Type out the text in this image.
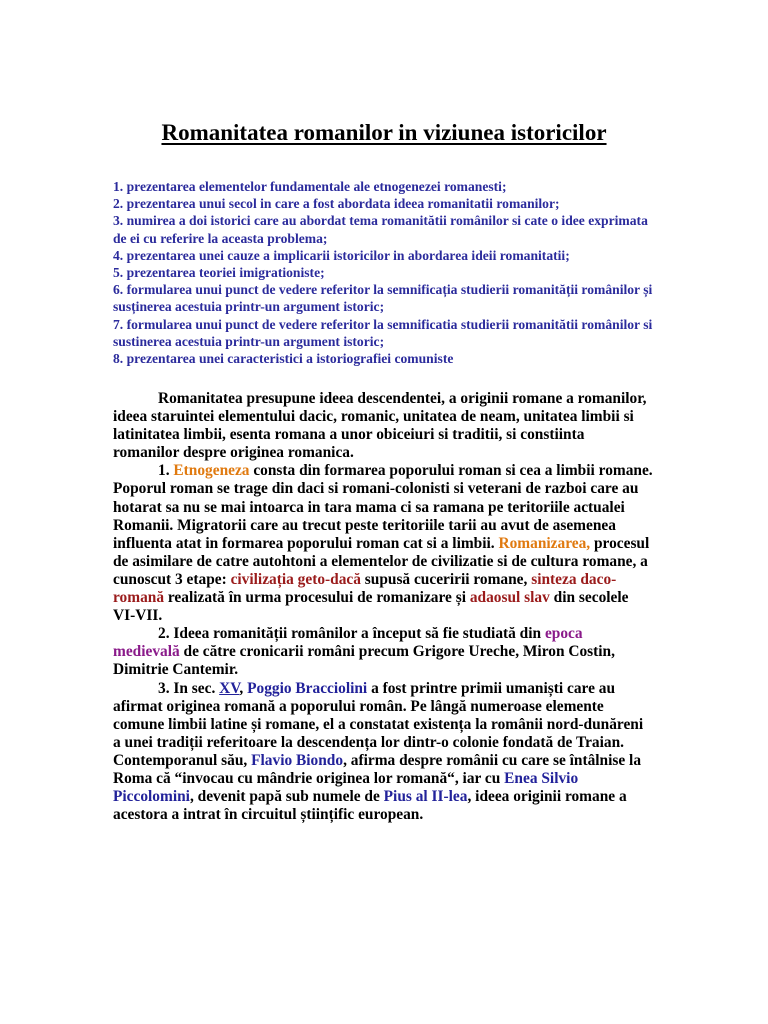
Romanitatea romanilor in viziunea istoricilor
1. prezentarea elementelor fundamentale ale etnogenezei romanesti;
2. prezentarea unui secol in care a fost abordata ideea romanitatii romanilor;
3. numirea a doi istorici care au abordat tema romanitătii românilor si cate o idee exprimata de ei cu referire la aceasta problema;
4. prezentarea unei cauze a implicarii istoricilor in abordarea ideii romanitatii;
5. prezentarea teoriei imigrationiste;
6. formularea unui punct de vedere referitor la semnificația studierii romanității românilor și susținerea acestuia printr-un argument istoric;
7. formularea unui punct de vedere referitor la semnificatia studierii romanitătii românilor si sustinerea acestuia printr-un argument istoric;
8. prezentarea unei caracteristici a istoriografiei comuniste

Romanitatea presupune ideea descendentei, a originii romane a romanilor, ideea staruintei elementului dacic, romanic, unitatea de neam, unitatea limbii si latinitatea limbii, esenta romana a unor obiceiuri si traditii, si constiinta romanilor despre originea romanica.

1. Etnogeneza consta din formarea poporului roman si cea a limbii romane. Poporul roman se trage din daci si romani-colonisti si veterani de razboi care au hotarat sa nu se mai intoarca in tara mama ci sa ramana pe teritoriile actualei Romanii. Migratorii care au trecut peste teritoriile tarii au avut de asemenea influenta atat in formarea poporului roman cat si a limbii. Romanizarea, procesul de asimilare de catre autohtoni a elementelor de civilizatie si de cultura romane, a cunoscut 3 etape: civilizația geto-dacă supusă cuceririi romane, sinteza daco-romană realizată în urma procesului de romanizare și adaosul slav din secolele VI-VII.

2. Ideea romanității românilor a început să fie studiată din epoca medievală de către cronicarii români precum Grigore Ureche, Miron Costin, Dimitrie Cantemir.

3. In sec. XV, Poggio Bracciolini a fost printre primii umaniști care au afirmat originea romană a poporului român. Pe lângă numeroase elemente comune limbii latine și romane, el a constatat existența la românii nord-dunăreni a unei tradiții referitoare la descendența lor dintr-o colonie fondată de Traian. Contemporanul său, Flavio Biondo, afirma despre românii cu care se întâlnise la Roma că “invocau cu mândrie originea lor romană“, iar cu Enea Silvio Piccolomini, devenit papă sub numele de Pius al II-lea, ideea originii romane a acestora a intrat în circuitul științific european.
